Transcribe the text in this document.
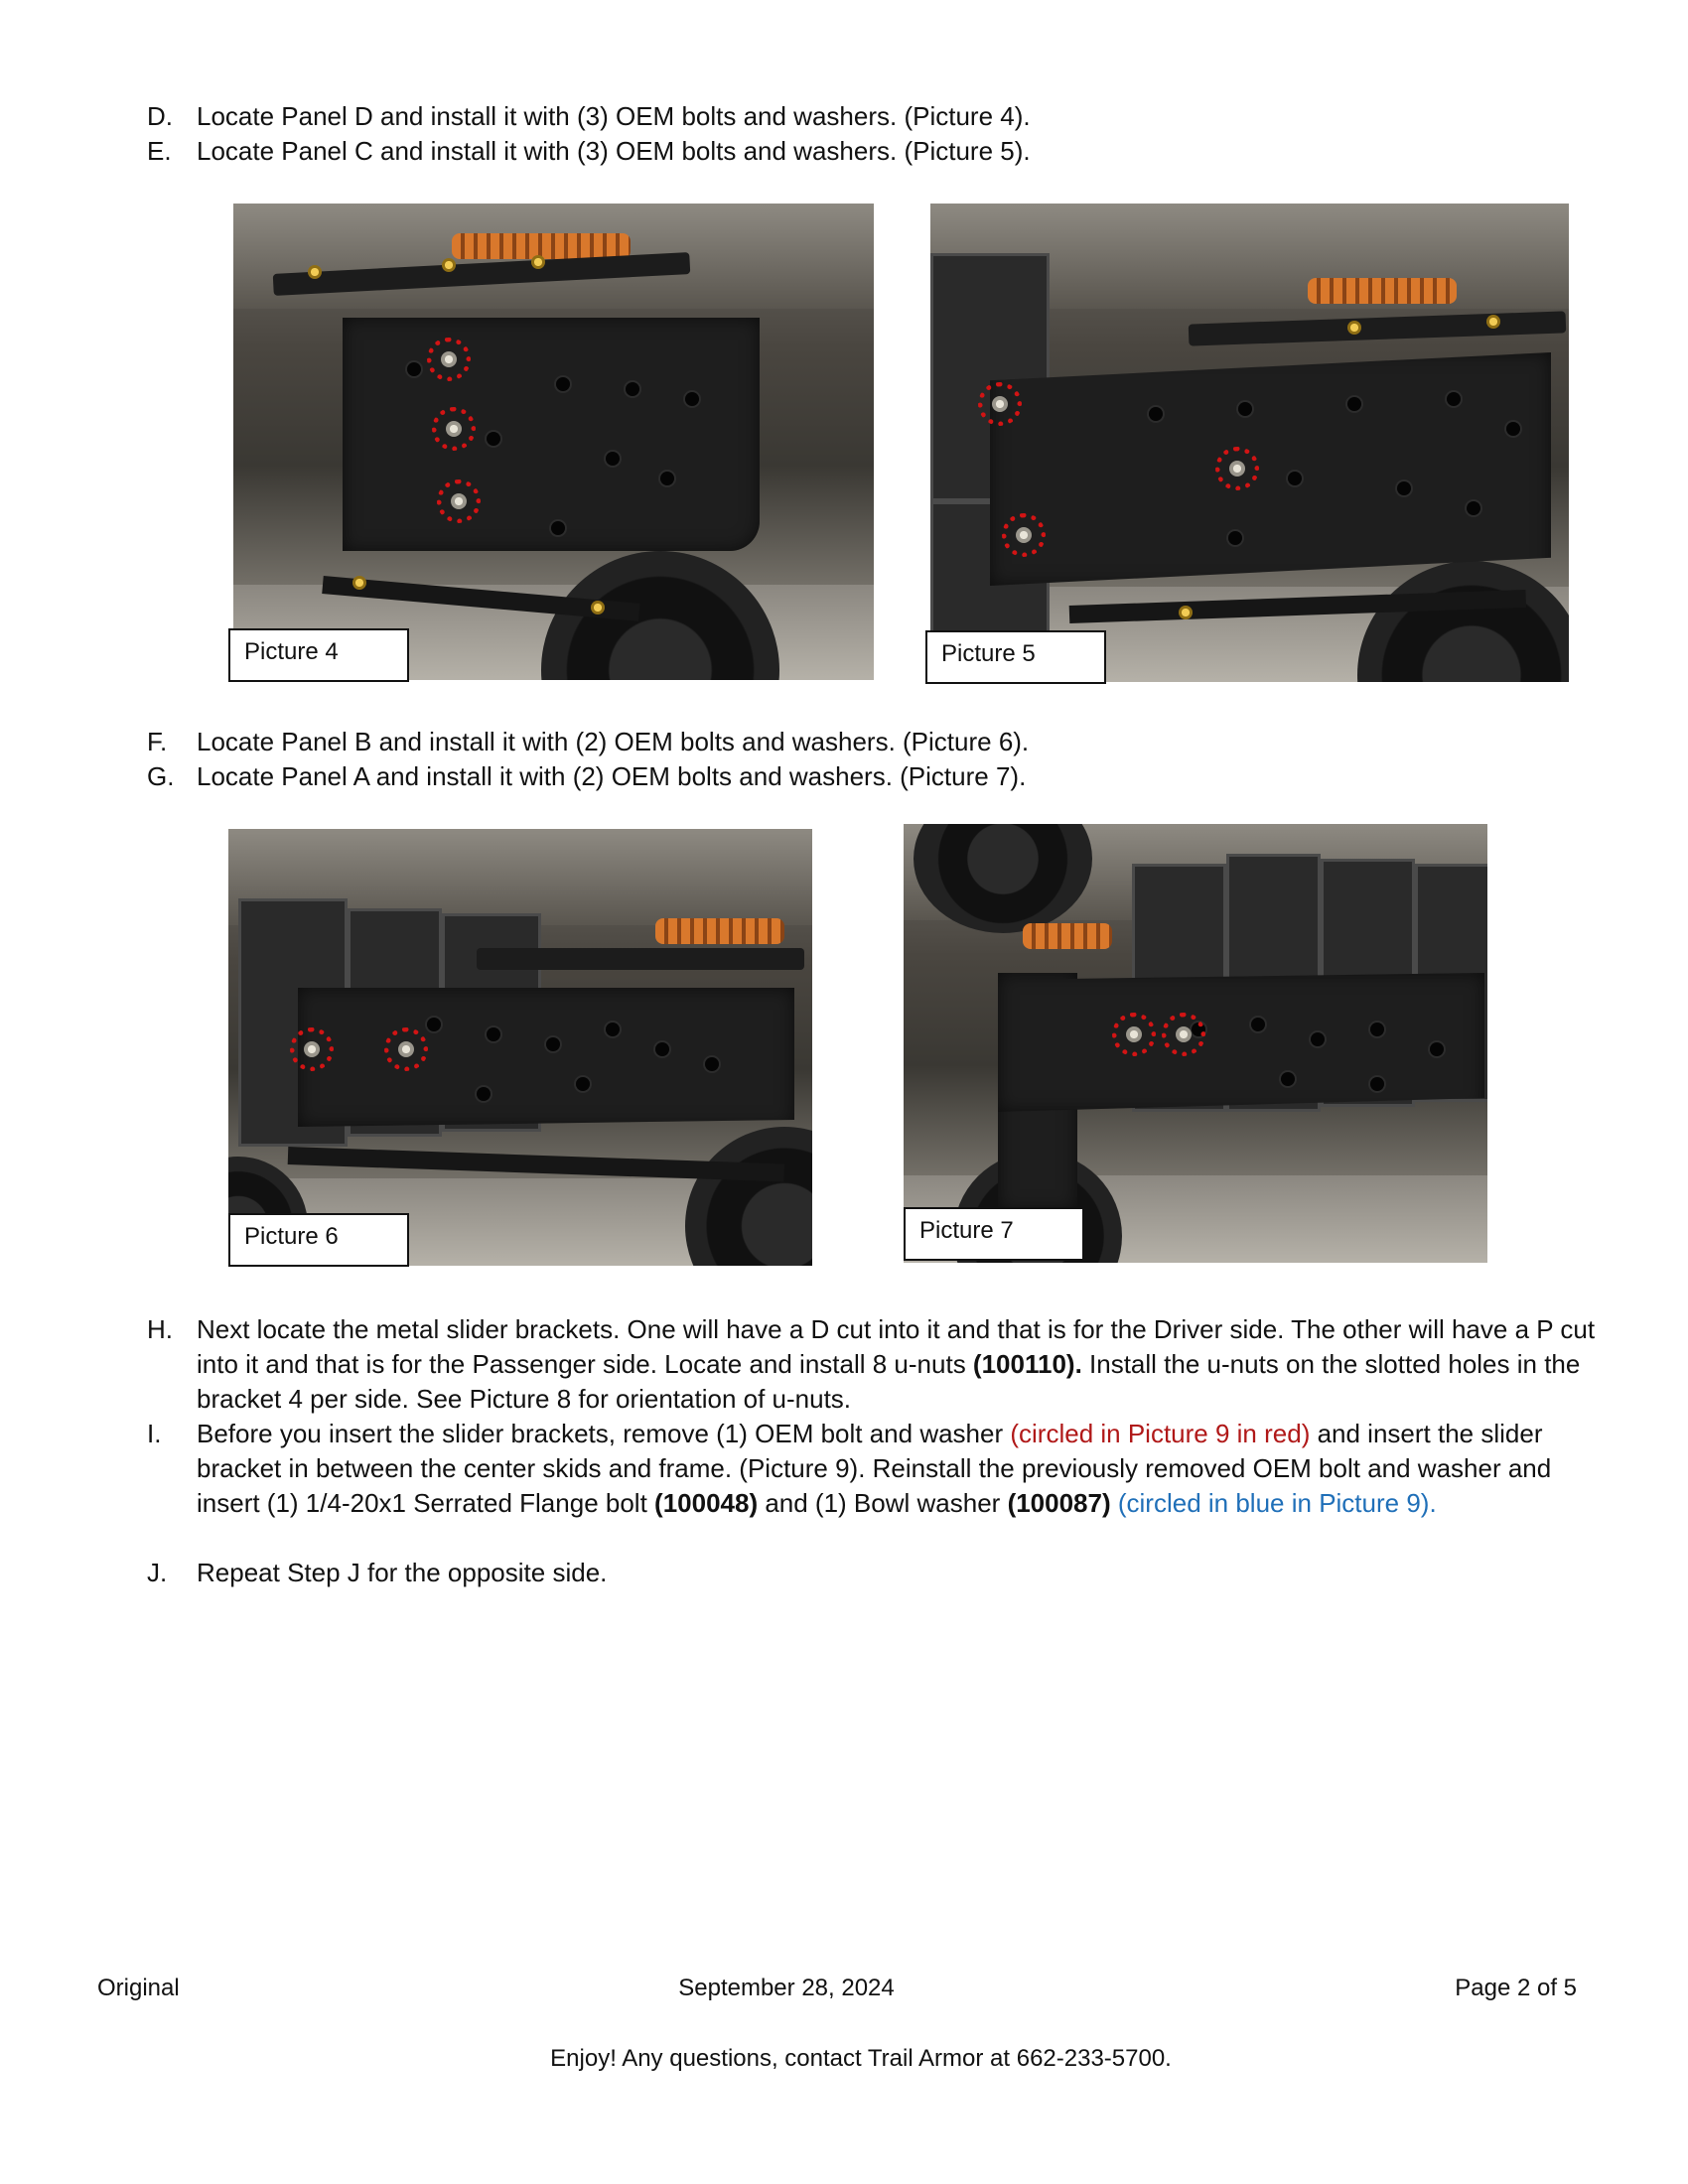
D. Locate Panel D and install it with (3) OEM bolts and washers. (Picture 4).
E. Locate Panel C and install it with (3) OEM bolts and washers. (Picture 5).
Picture 4	Picture 5
F. Locate Panel B and install it with (2) OEM bolts and washers. (Picture 6).
G. Locate Panel A and install it with (2) OEM bolts and washers. (Picture 7).
Picture 6	Picture 7
H. Next locate the metal slider brackets. One will have a D cut into it and that is for the Driver side. The other will have a P cut into it and that is for the Passenger side. Locate and install 8 u-nuts (100110). Install the u-nuts on the slotted holes in the bracket 4 per side. See Picture 8 for orientation of u-nuts.
I. Before you insert the slider brackets, remove (1) OEM bolt and washer (circled in Picture 9 in red) and insert the slider bracket in between the center skids and frame. (Picture 9). Reinstall the previously removed OEM bolt and washer and insert (1) 1/4-20x1 Serrated Flange bolt (100048) and (1) Bowl washer (100087) (circled in blue in Picture 9).
J. Repeat Step J for the opposite side.
Original	September 28, 2024	Page 2 of 5
Enjoy! Any questions, contact Trail Armor at 662-233-5700.
